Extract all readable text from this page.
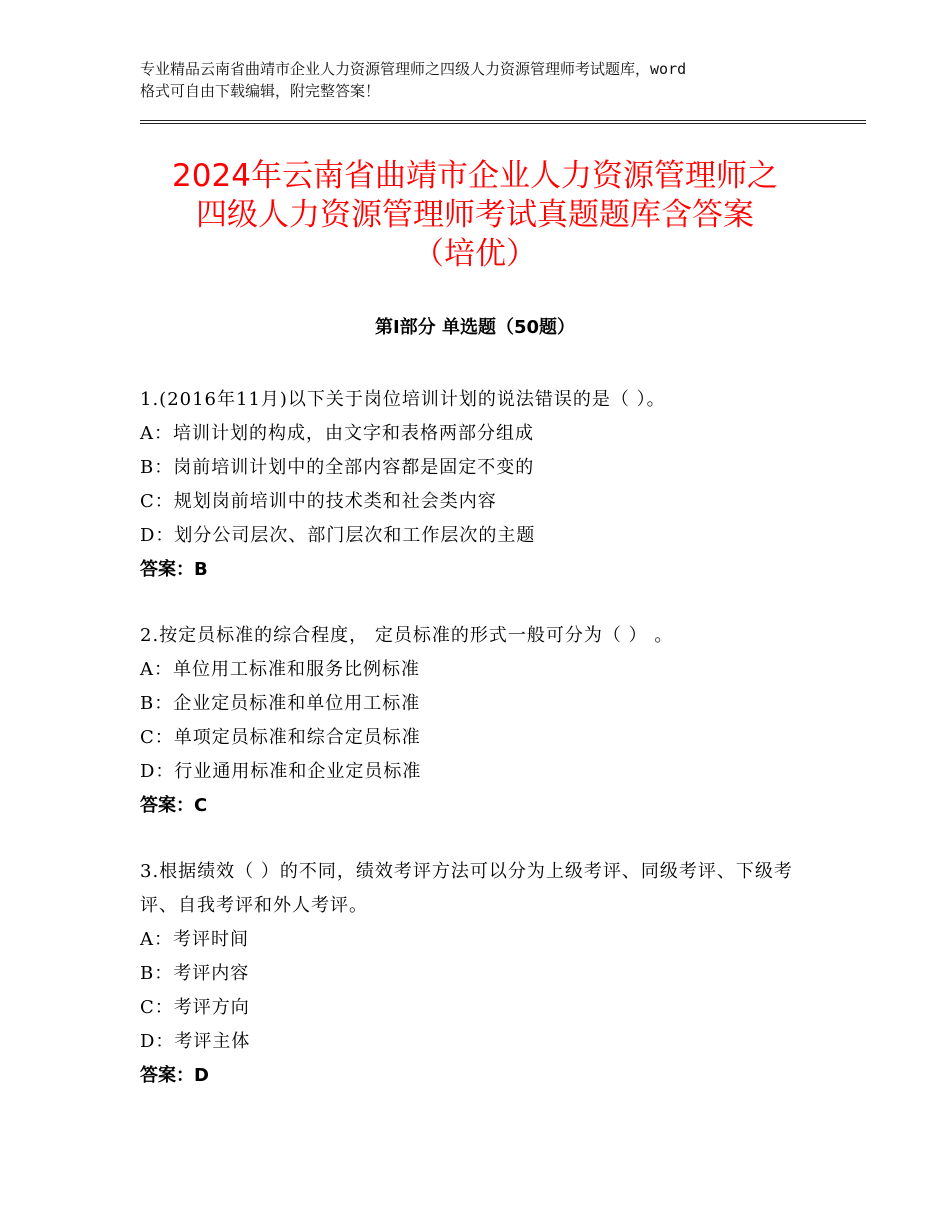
专业精品云南省曲靖市企业人力资源管理师之四级人力资源管理师考试题库，word
格式可自由下载编辑，附完整答案！
2024年云南省曲靖市企业人力资源管理师之
四级人力资源管理师考试真题题库含答案
（培优）
第Ⅰ部分 单选题（50题）

1.(2016年11月)以下关于岗位培训计划的说法错误的是（ ）。

A：培训计划的构成，由文字和表格两部分组成

B：岗前培训计划中的全部内容都是固定不变的

C：规划岗前培训中的技术类和社会类内容

D：划分公司层次、部门层次和工作层次的主题

答案：B

2.按定员标准的综合程度， 定员标准的形式一般可分为（ ） 。

A：单位用工标准和服务比例标准

B：企业定员标准和单位用工标准

C：单项定员标准和综合定员标准

D：行业通用标准和企业定员标准

答案：C

3.根据绩效（ ）的不同，绩效考评方法可以分为上级考评、同级考评、下级考评、自我考评和外人考评。

A：考评时间

B：考评内容

C：考评方向

D：考评主体

答案：D
